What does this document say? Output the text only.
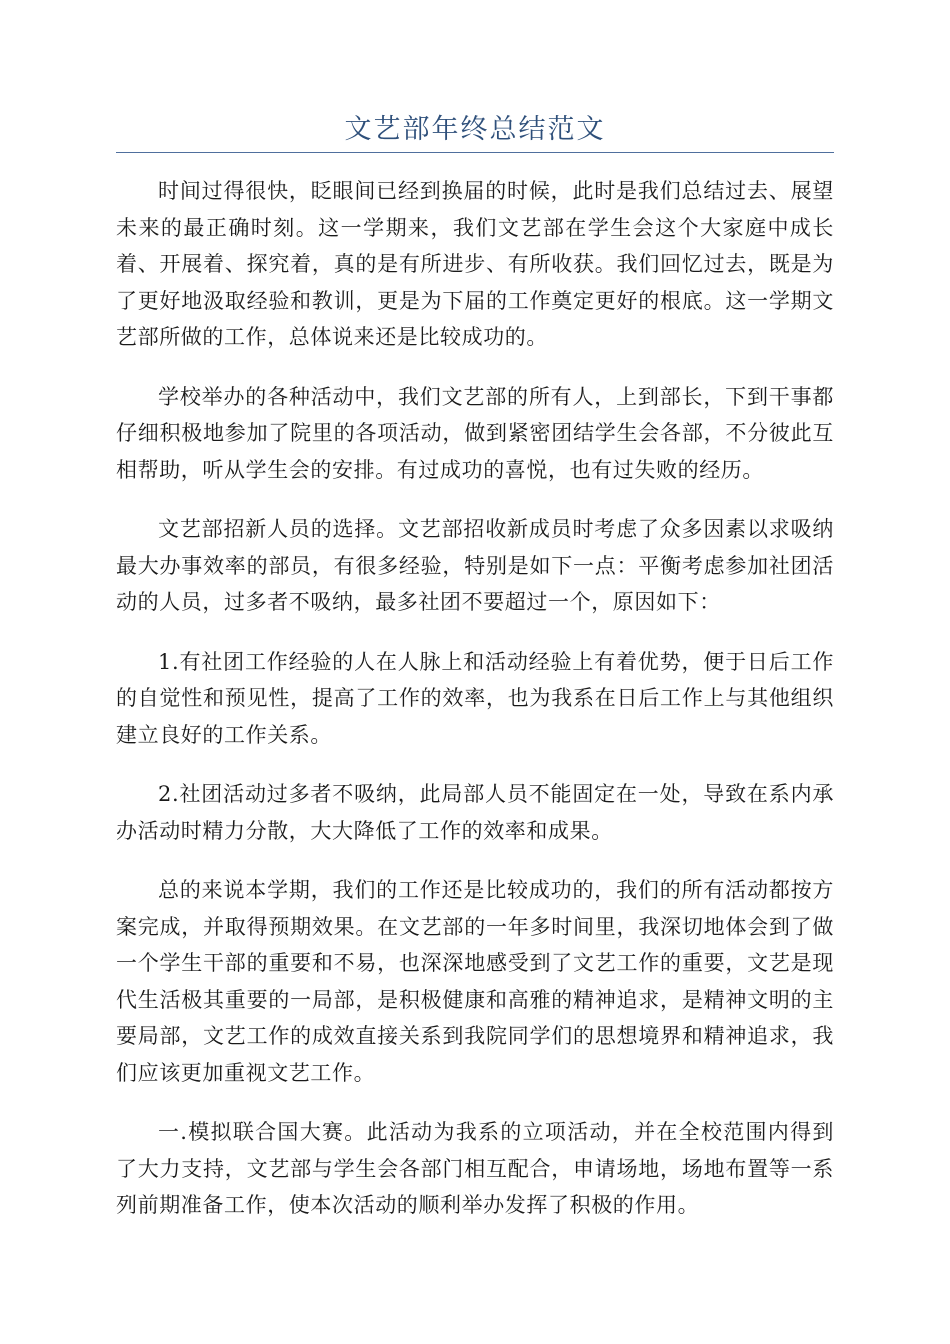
文艺部年终总结范文

时间过得很快，眨眼间已经到换届的时候，此时是我们总结过去、展望未来的最正确时刻。这一学期来，我们文艺部在学生会这个大家庭中成长着、开展着、探究着，真的是有所进步、有所收获。我们回忆过去，既是为了更好地汲取经验和教训，更是为下届的工作奠定更好的根底。这一学期文艺部所做的工作，总体说来还是比较成功的。

学校举办的各种活动中，我们文艺部的所有人，上到部长，下到干事都仔细积极地参加了院里的各项活动，做到紧密团结学生会各部，不分彼此互相帮助，听从学生会的安排。有过成功的喜悦，也有过失败的经历。

文艺部招新人员的选择。文艺部招收新成员时考虑了众多因素以求吸纳最大办事效率的部员，有很多经验，特别是如下一点：平衡考虑参加社团活动的人员，过多者不吸纳，最多社团不要超过一个，原因如下：

1.有社团工作经验的人在人脉上和活动经验上有着优势，便于日后工作的自觉性和预见性，提高了工作的效率，也为我系在日后工作上与其他组织建立良好的工作关系。

2.社团活动过多者不吸纳，此局部人员不能固定在一处，导致在系内承办活动时精力分散，大大降低了工作的效率和成果。

总的来说本学期，我们的工作还是比较成功的，我们的所有活动都按方案完成，并取得预期效果。在文艺部的一年多时间里，我深切地体会到了做一个学生干部的重要和不易，也深深地感受到了文艺工作的重要，文艺是现代生活极其重要的一局部，是积极健康和高雅的精神追求，是精神文明的主要局部，文艺工作的成效直接关系到我院同学们的思想境界和精神追求，我们应该更加重视文艺工作。

一.模拟联合国大赛。此活动为我系的立项活动，并在全校范围内得到了大力支持，文艺部与学生会各部门相互配合，申请场地，场地布置等一系列前期准备工作，使本次活动的顺利举办发挥了积极的作用。
